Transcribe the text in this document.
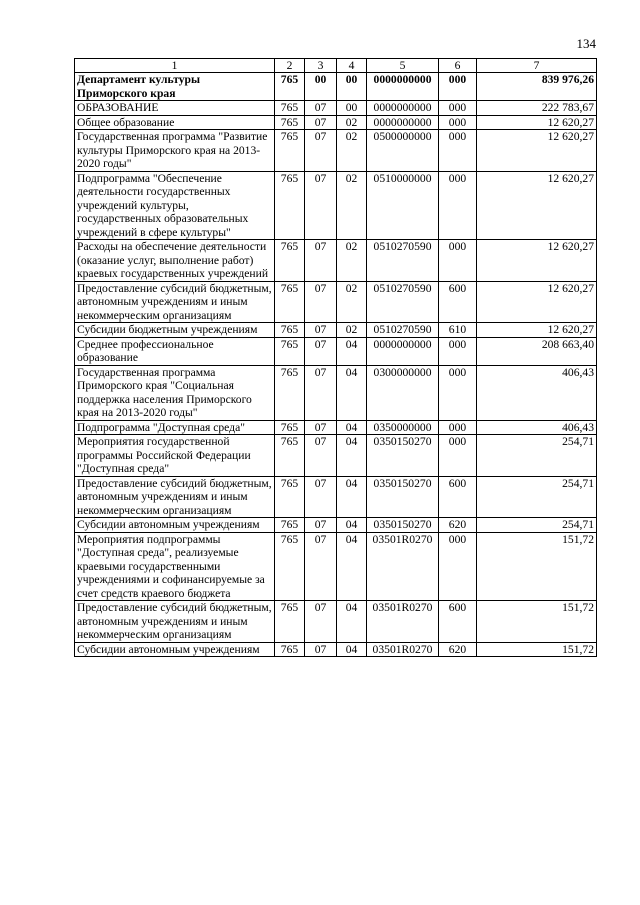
134
1	2	3	4	5	6	7
Департамент культуры Приморского края	765	00	00	0000000000	000	839 976,26
ОБРАЗОВАНИЕ	765	07	00	0000000000	000	222 783,67
Общее образование	765	07	02	0000000000	000	12 620,27
Государственная программа "Развитие культуры Приморского края на 2013-2020 годы"	765	07	02	0500000000	000	12 620,27
Подпрограмма "Обеспечение деятельности государственных учреждений культуры, государственных образовательных учреждений в сфере культуры"	765	07	02	0510000000	000	12 620,27
Расходы на обеспечение деятельности (оказание услуг, выполнение работ) краевых государственных учреждений	765	07	02	0510270590	000	12 620,27
Предоставление субсидий бюджетным, автономным учреждениям и иным некоммерческим организациям	765	07	02	0510270590	600	12 620,27
Субсидии бюджетным учреждениям	765	07	02	0510270590	610	12 620,27
Среднее профессиональное образование	765	07	04	0000000000	000	208 663,40
Государственная программа Приморского края "Социальная поддержка населения Приморского края на 2013-2020 годы"	765	07	04	0300000000	000	406,43
Подпрограмма "Доступная среда"	765	07	04	0350000000	000	406,43
Мероприятия государственной программы Российской Федерации "Доступная среда"	765	07	04	0350150270	000	254,71
Предоставление субсидий бюджетным, автономным учреждениям и иным некоммерческим организациям	765	07	04	0350150270	600	254,71
Субсидии автономным учреждениям	765	07	04	0350150270	620	254,71
Мероприятия подпрограммы "Доступная среда", реализуемые краевыми государственными учреждениями и софинансируемые за счет средств краевого бюджета	765	07	04	03501R0270	000	151,72
Предоставление субсидий бюджетным, автономным учреждениям и иным некоммерческим организациям	765	07	04	03501R0270	600	151,72
Субсидии автономным учреждениям	765	07	04	03501R0270	620	151,72
